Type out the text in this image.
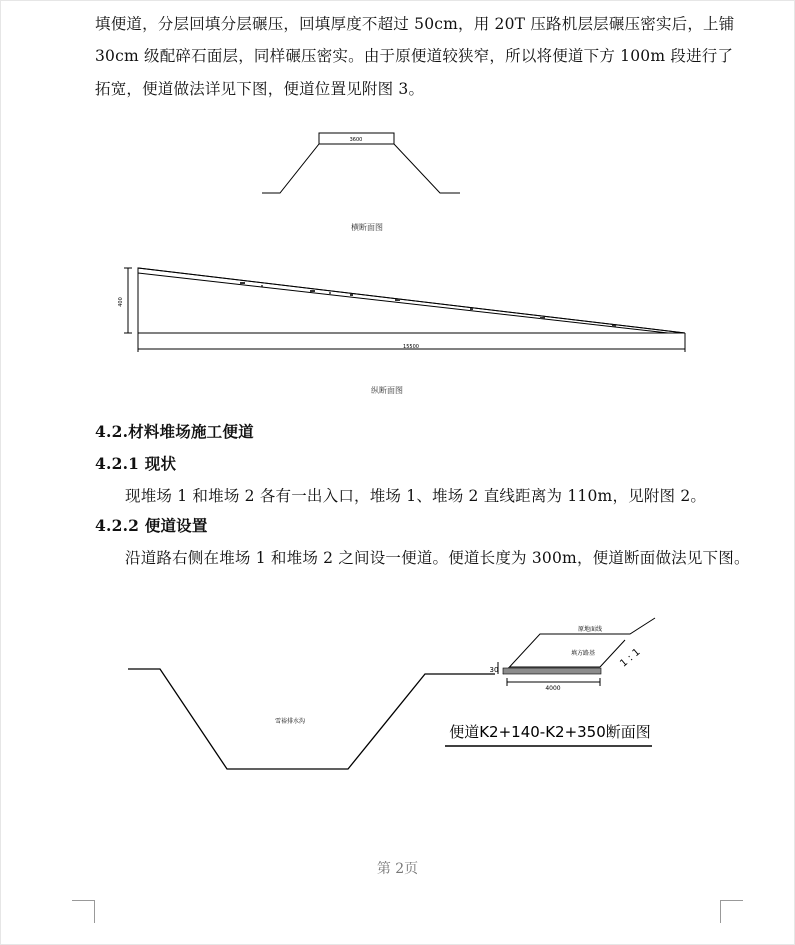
填便道，分层回填分层碾压，回填厚度不超过 50cm，用 20T 压路机层层碾压密实后，上铺
30cm 级配碎石面层，同样碾压密实。由于原便道较狭窄，所以将便道下方 100m 段进行了
拓宽，便道做法详见下图，便道位置见附图 3。
3600
横断面图
400
15500
纵断面图
4.2.材料堆场施工便道
4.2.1 现状
现堆场 1 和堆场 2 各有一出入口，堆场 1、堆场 2 直线距离为 110m，见附图 2。
4.2.2 便道设置
沿道路右侧在堆场 1 和堆场 2 之间设一便道。便道长度为 300m，便道断面做法见下图。
雪裕排水沟
原地面线
填方路基 1 : 1
30
4000
便道K2+140-K2+350断面图
第 2页
